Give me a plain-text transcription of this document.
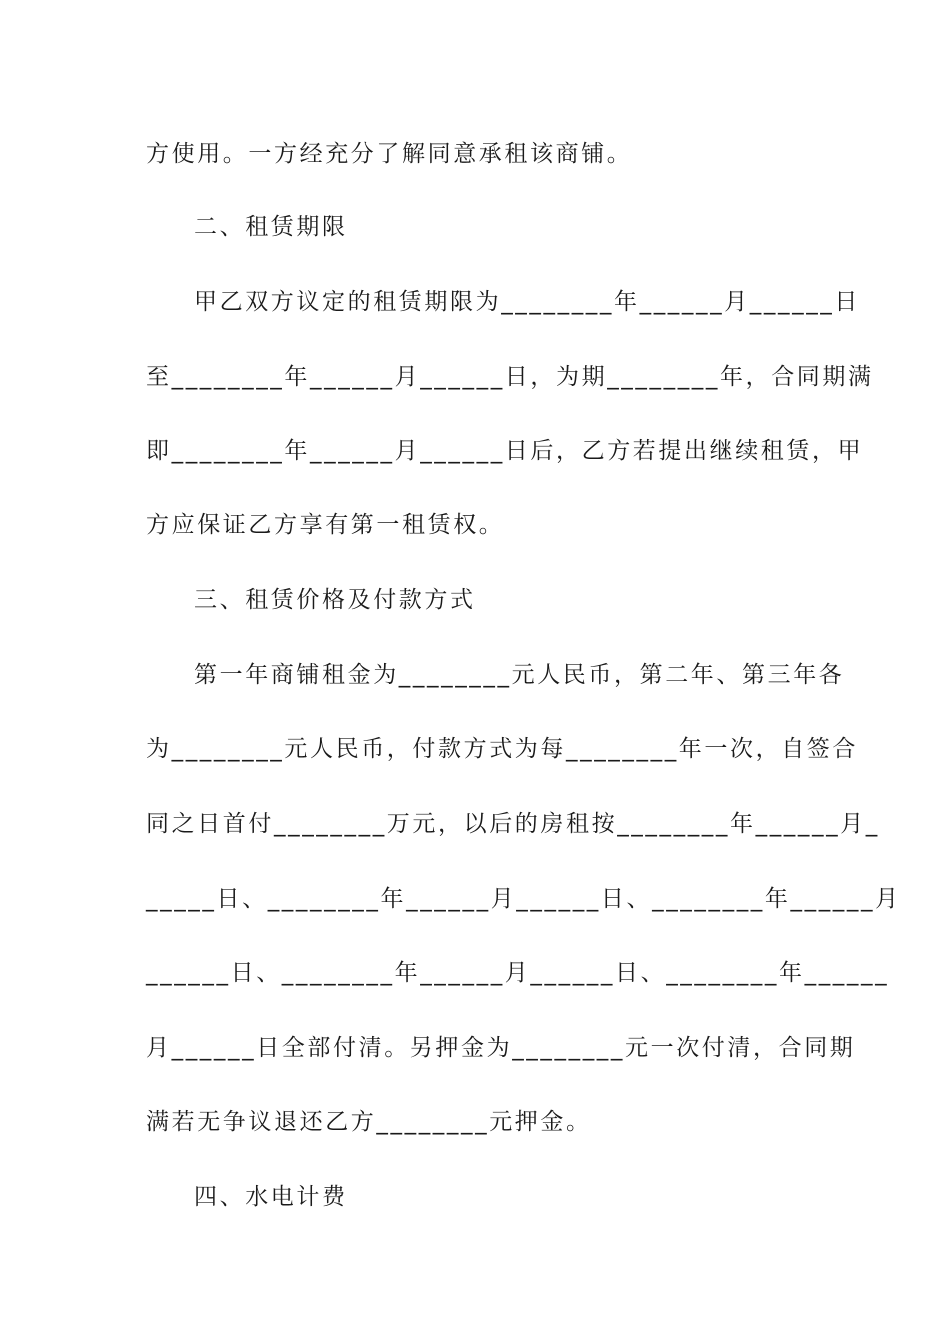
方使用。一方经充分了解同意承租该商铺。
二、租赁期限
甲乙双方议定的租赁期限为________年______月______日
至________年______月______日，为期________年，合同期满
即________年______月______日后，乙方若提出继续租赁，甲
方应保证乙方享有第一租赁权。
三、租赁价格及付款方式
第一年商铺租金为________元人民币，第二年、第三年各
为________元人民币，付款方式为每________年一次，自签合
同之日首付________万元，以后的房租按________年______月_
_____日、________年______月______日、________年______月
______日、________年______月______日、________年______
月______日全部付清。另押金为________元一次付清，合同期
满若无争议退还乙方________元押金。
四、水电计费
